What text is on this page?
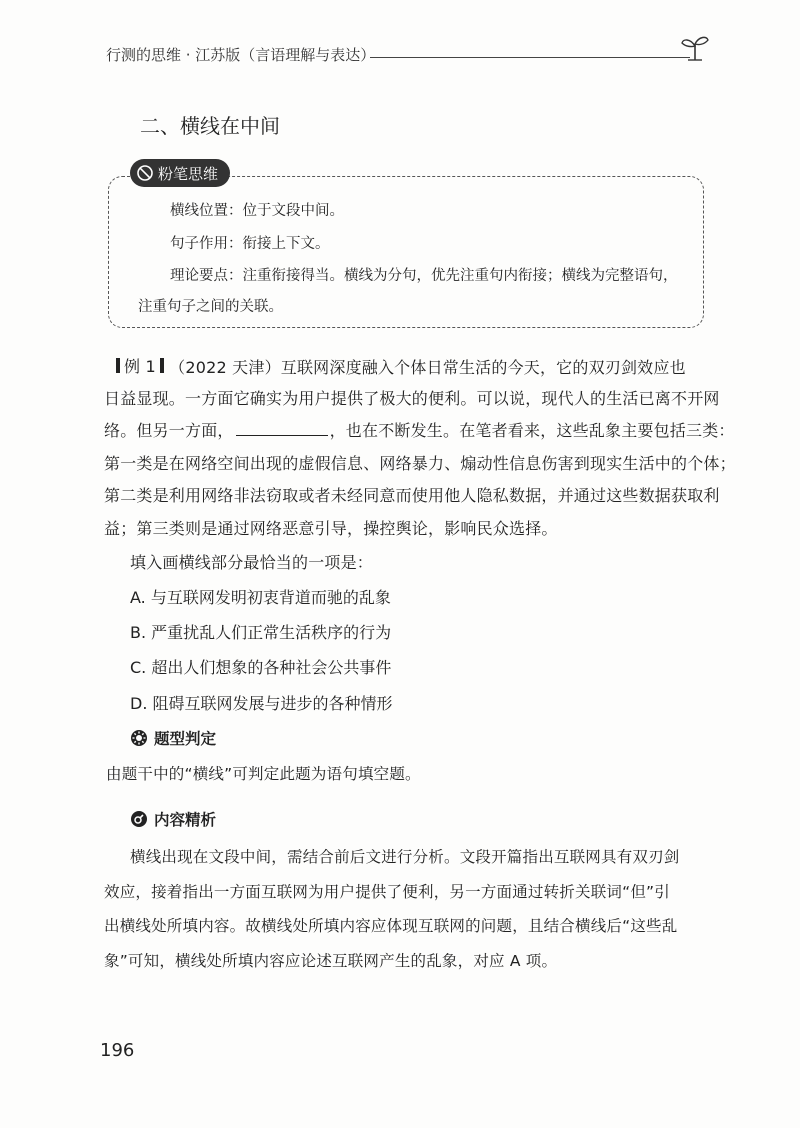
行测的思维 · 江苏版（言语理解与表达）
二、横线在中间
粉笔思维
横线位置：位于文段中间。
句子作用：衔接上下文。
理论要点：注重衔接得当。横线为分句，优先注重句内衔接；横线为完整语句，
注重句子之间的关联。
例 1 （2022 天津）互联网深度融入个体日常生活的今天，它的双刃剑效应也
日益显现。一方面它确实为用户提供了极大的便利。可以说，现代人的生活已离不开网
络。但另一方面，	，也在不断发生。在笔者看来，这些乱象主要包括三类：
第一类是在网络空间出现的虚假信息、网络暴力、煽动性信息伤害到现实生活中的个体；
第二类是利用网络非法窃取或者未经同意而使用他人隐私数据，并通过这些数据获取利
益；第三类则是通过网络恶意引导，操控舆论，影响民众选择。
填入画横线部分最恰当的一项是：
A. 与互联网发明初衷背道而驰的乱象
B. 严重扰乱人们正常生活秩序的行为
C. 超出人们想象的各种社会公共事件
D. 阻碍互联网发展与进步的各种情形
题型判定
由题干中的“横线”可判定此题为语句填空题。
内容精析
横线出现在文段中间，需结合前后文进行分析。文段开篇指出互联网具有双刃剑
效应，接着指出一方面互联网为用户提供了便利，另一方面通过转折关联词“但”引
出横线处所填内容。故横线处所填内容应体现互联网的问题，且结合横线后“这些乱
象”可知，横线处所填内容应论述互联网产生的乱象，对应 A 项。
196
